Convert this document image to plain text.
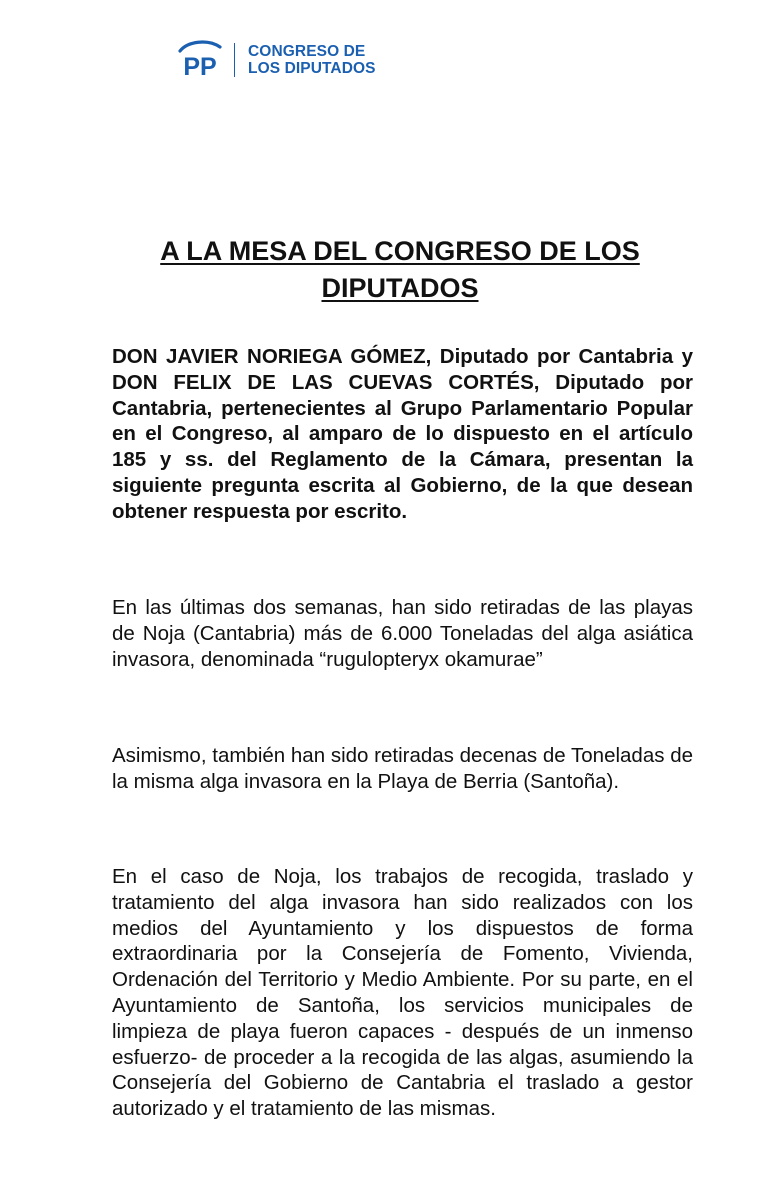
PP
CONGRESO DE
LOS DIPUTADOS
A LA MESA DEL CONGRESO DE LOS DIPUTADOS

DON JAVIER NORIEGA GÓMEZ, Diputado por Cantabria y DON FELIX DE LAS CUEVAS CORTÉS, Diputado por Cantabria, pertenecientes al Grupo Parlamentario Popular en el Congreso, al amparo de lo dispuesto en el artículo 185 y ss. del Reglamento de la Cámara, presentan la siguiente pregunta escrita al Gobierno, de la que desean obtener respuesta por escrito.

En las últimas dos semanas, han sido retiradas de las playas de Noja (Cantabria) más de 6.000 Toneladas del alga asiática invasora, denominada “rugulopteryx okamurae”

Asimismo, también han sido retiradas decenas de Toneladas de la misma alga invasora en la Playa de Berria (Santoña).

En el caso de Noja, los trabajos de recogida, traslado y tratamiento del alga invasora han sido realizados con los medios del Ayuntamiento y los dispuestos de forma extraordinaria por la Consejería de Fomento, Vivienda, Ordenación del Territorio y Medio Ambiente. Por su parte, en el Ayuntamiento de Santoña, los servicios municipales de limpieza de playa fueron capaces - después de un inmenso esfuerzo- de proceder a la recogida de las algas, asumiendo la Consejería del Gobierno de Cantabria el traslado a gestor autorizado y el tratamiento de las mismas.
